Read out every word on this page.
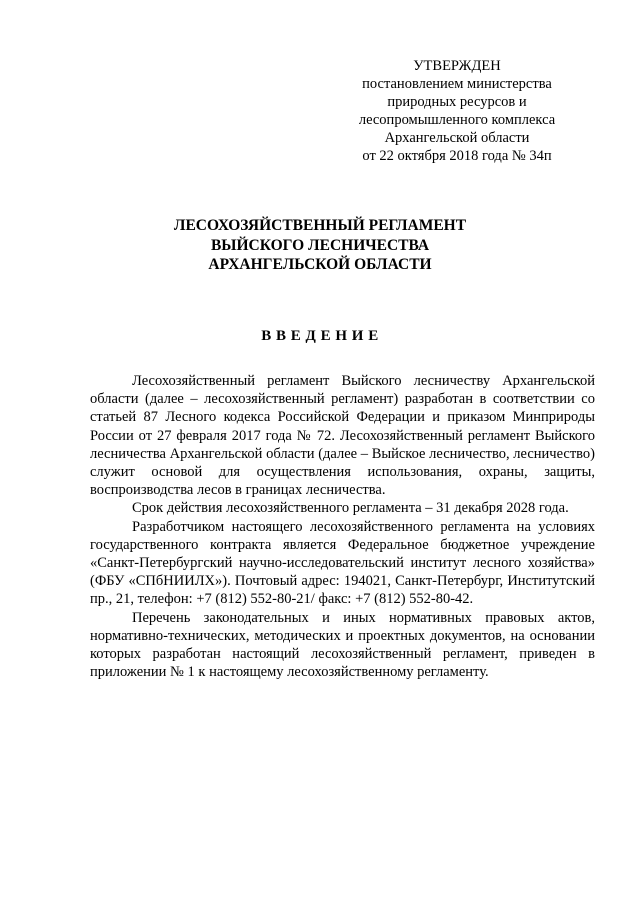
УТВЕРЖДЕН
постановлением министерства
природных ресурсов и
лесопромышленного комплекса
Архангельской области
от 22 октября 2018 года № 34п
ЛЕСОХОЗЯЙСТВЕННЫЙ РЕГЛАМЕНТ
ВЫЙСКОГО ЛЕСНИЧЕСТВА
АРХАНГЕЛЬСКОЙ ОБЛАСТИ
В В Е Д Е Н И Е

Лесохозяйственный регламент Выйского лесничеству Архангельской области (далее – лесохозяйственный регламент) разработан в соответствии со статьей 87 Лесного кодекса Российской Федерации и приказом Минприроды России от 27 февраля 2017 года № 72. Лесохозяйственный регламент Выйского лесничества Архангельской области (далее – Выйское лесничество, лесничество) служит основой для осуществления использования, охраны, защиты, воспроизводства лесов в границах лесничества.

Срок действия лесохозяйственного регламента – 31 декабря 2028 года.

Разработчиком настоящего лесохозяйственного регламента на условиях государственного контракта является Федеральное бюджетное учреждение «Санкт-Петербургский научно-исследовательский институт лесного хозяйства» (ФБУ «СПбНИИЛХ»). Почтовый адрес: 194021, Санкт-Петербург, Институтский пр., 21, телефон: +7 (812) 552-80-21/ факс: +7 (812) 552-80-42.

Перечень законодательных и иных нормативных правовых актов, нормативно-технических, методических и проектных документов, на основании которых разработан настоящий лесохозяйственный регламент, приведен в приложении № 1 к настоящему лесохозяйственному регламенту.
